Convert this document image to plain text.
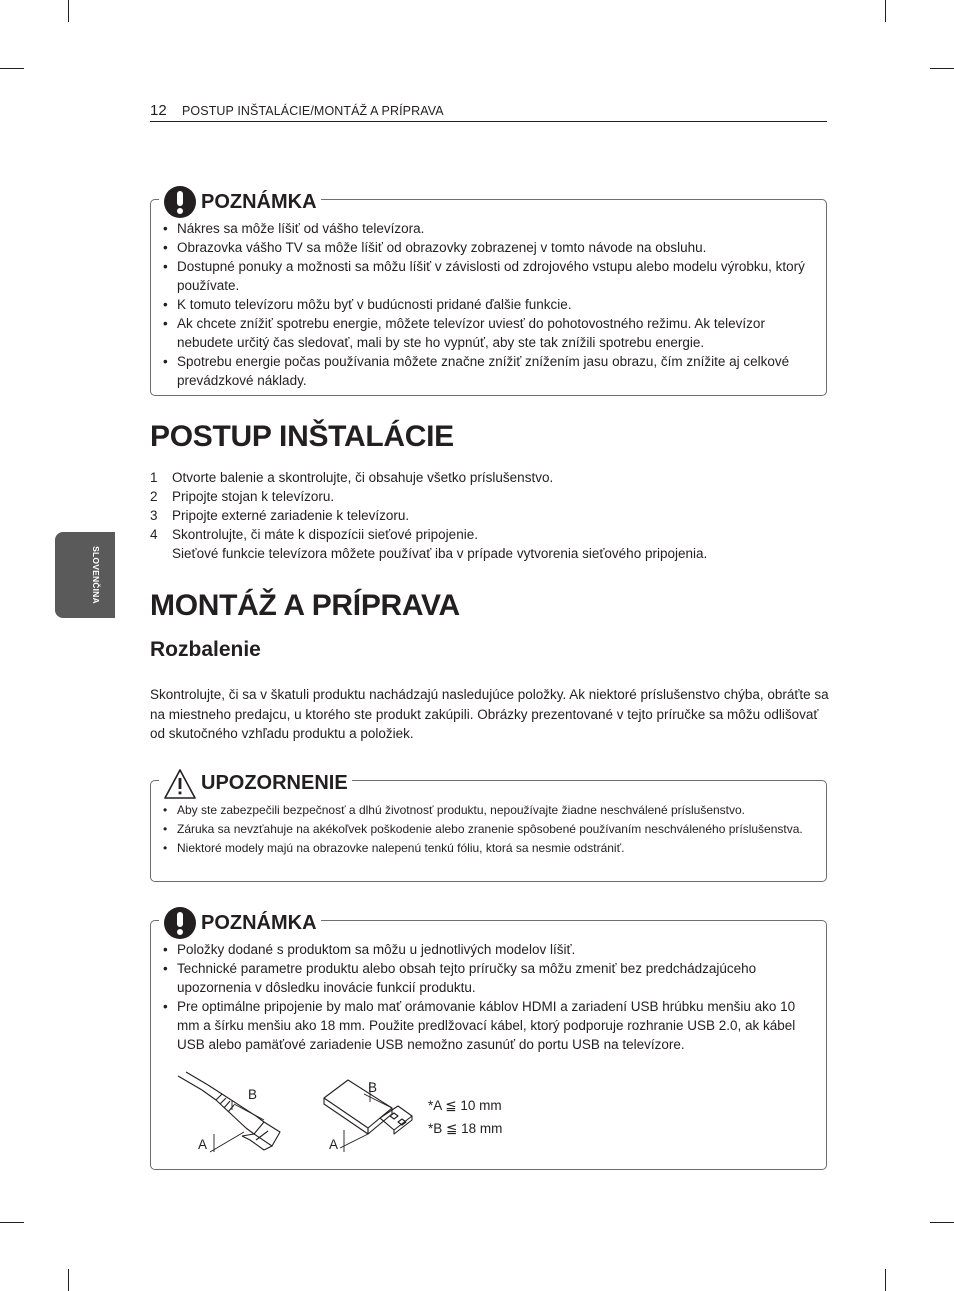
12 POSTUP INŠTALÁCIE/MONTÁŽ A PRÍPRAVA
SLOVENČINA
POZNÁMKA
• Nákres sa môže líšiť od vášho televízora.
• Obrazovka vášho TV sa môže líšiť od obrazovky zobrazenej v tomto návode na obsluhu.
• Dostupné ponuky a možnosti sa môžu líšiť v závislosti od zdrojového vstupu alebo modelu výrobku, ktorý používate.
• K tomuto televízoru môžu byť v budúcnosti pridané ďalšie funkcie.
• Ak chcete znížiť spotrebu energie, môžete televízor uviesť do pohotovostného režimu. Ak televízor nebudete určitý čas sledovať, mali by ste ho vypnúť, aby ste tak znížili spotrebu energie.
• Spotrebu energie počas používania môžete značne znížiť znížením jasu obrazu, čím znížite aj celkové prevádzkové náklady.
POSTUP INŠTALÁCIE
1 Otvorte balenie a skontrolujte, či obsahuje všetko príslušenstvo.
2 Pripojte stojan k televízoru.
3 Pripojte externé zariadenie k televízoru.
4 Skontrolujte, či máte k dispozícii sieťové pripojenie.
Sieťové funkcie televízora môžete používať iba v prípade vytvorenia sieťového pripojenia.
MONTÁŽ A PRÍPRAVA
Rozbalenie
Skontrolujte, či sa v škatuli produktu nachádzajú nasledujúce položky. Ak niektoré príslušenstvo chýba, obráťte sa na miestneho predajcu, u ktorého ste produkt zakúpili. Obrázky prezentované v tejto príručke sa môžu odlišovať od skutočného vzhľadu produktu a položiek.
UPOZORNENIE
• Aby ste zabezpečili bezpečnosť a dlhú životnosť produktu, nepoužívajte žiadne neschválené príslušenstvo.
• Záruka sa nevzťahuje na akékoľvek poškodenie alebo zranenie spôsobené používaním neschváleného príslušenstva.
• Niektoré modely majú na obrazovke nalepenú tenkú fóliu, ktorá sa nesmie odstrániť.
POZNÁMKA
• Položky dodané s produktom sa môžu u jednotlivých modelov líšiť.
• Technické parametre produktu alebo obsah tejto príručky sa môžu zmeniť bez predchádzajúceho upozornenia v dôsledku inovácie funkcií produktu.
• Pre optimálne pripojenie by malo mať orámovanie káblov HDMI a zariadení USB hrúbku menšiu ako 10 mm a šírku menšiu ako 18 mm. Použite predlžovací kábel, ktorý podporuje rozhranie USB 2.0, ak kábel USB alebo pamäťové zariadenie USB nemožno zasunúť do portu USB na televízore.
B
A
B
A
*A ≦ 10 mm
*B ≦ 18 mm
